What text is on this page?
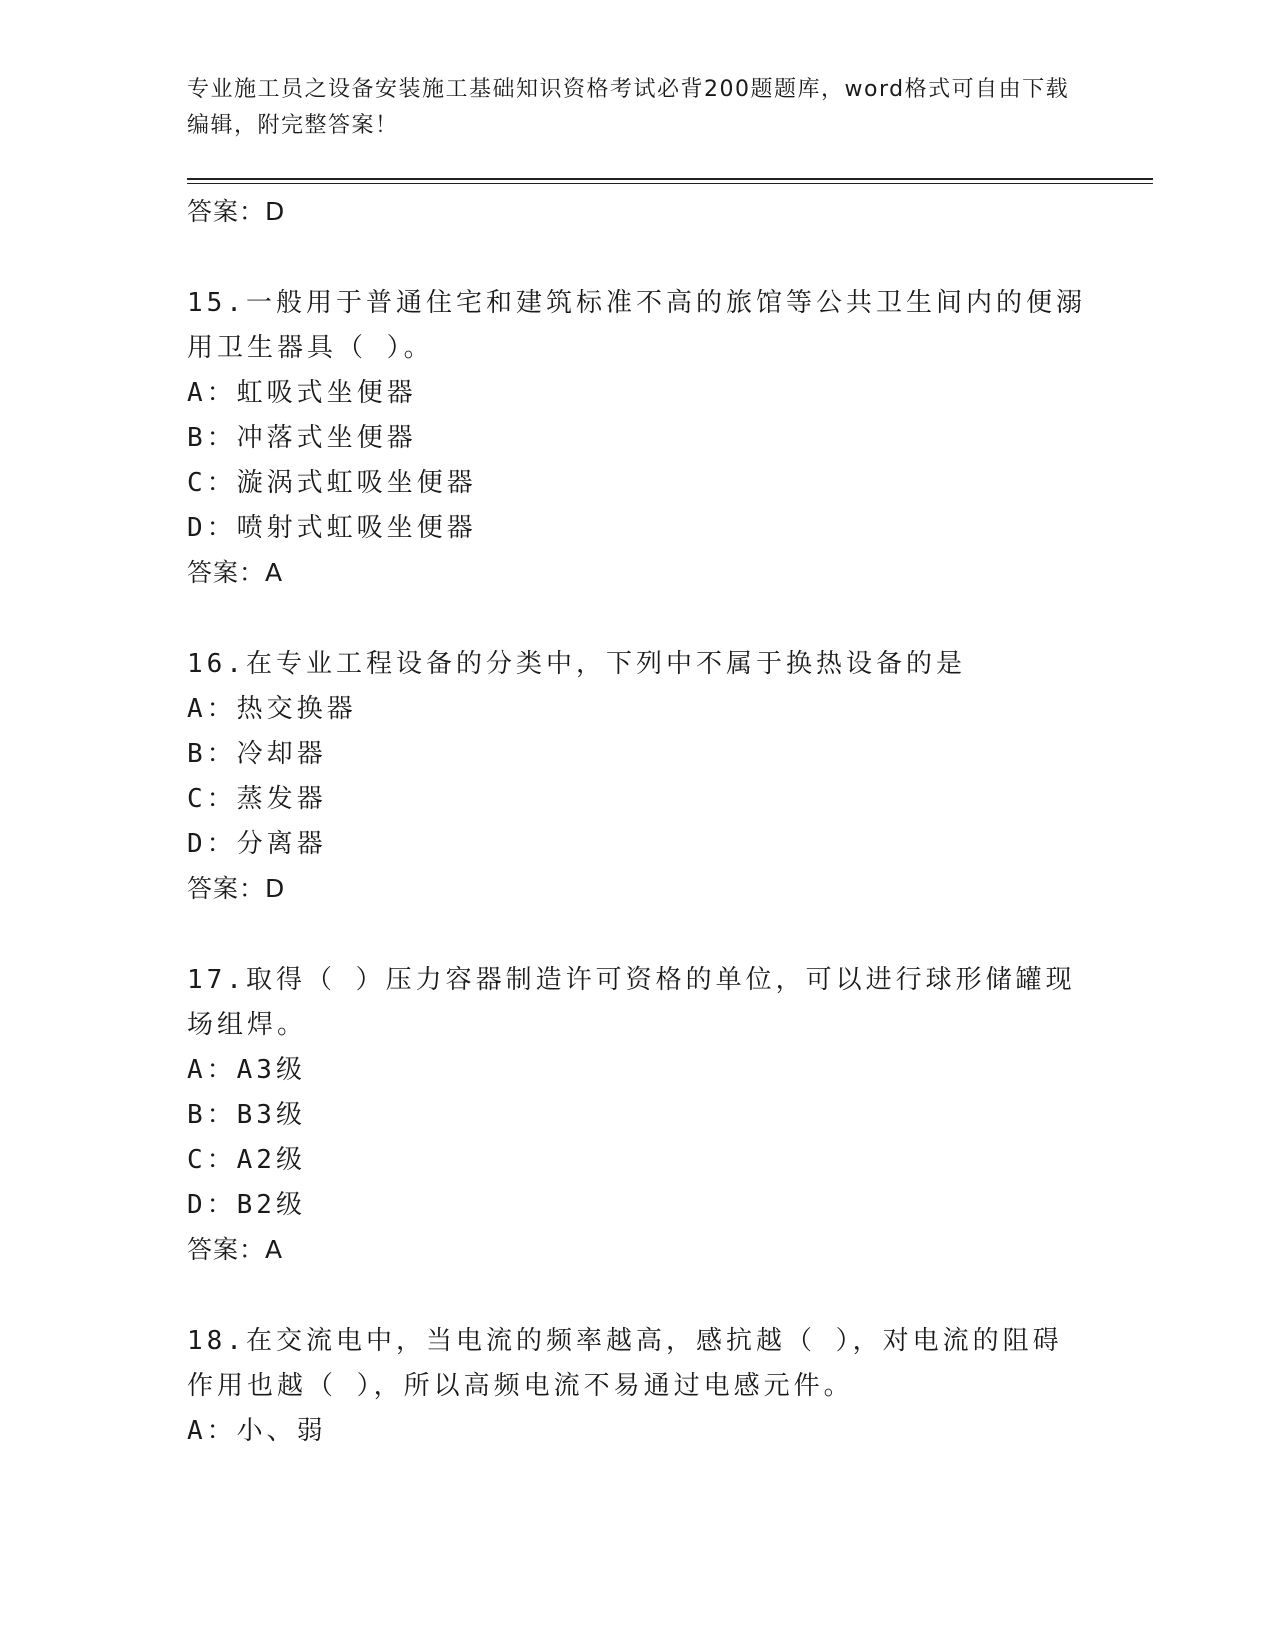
专业施工员之设备安装施工基础知识资格考试必背200题题库，word格式可自由下载编辑，附完整答案！
答案：D
15.一般用于普通住宅和建筑标准不高的旅馆等公共卫生间内的便溺用卫生器具（ ）。
A：虹吸式坐便器
B：冲落式坐便器
C：漩涡式虹吸坐便器
D：喷射式虹吸坐便器
答案：A
16.在专业工程设备的分类中，下列中不属于换热设备的是
A：热交换器
B：冷却器
C：蒸发器
D：分离器
答案：D
17.取得（ ）压力容器制造许可资格的单位，可以进行球形储罐现场组焊。
A：A3级
B：B3级
C：A2级
D：B2级
答案：A
18.在交流电中，当电流的频率越高，感抗越（ ），对电流的阻碍作用也越（ ），所以高频电流不易通过电感元件。
A：小、弱
